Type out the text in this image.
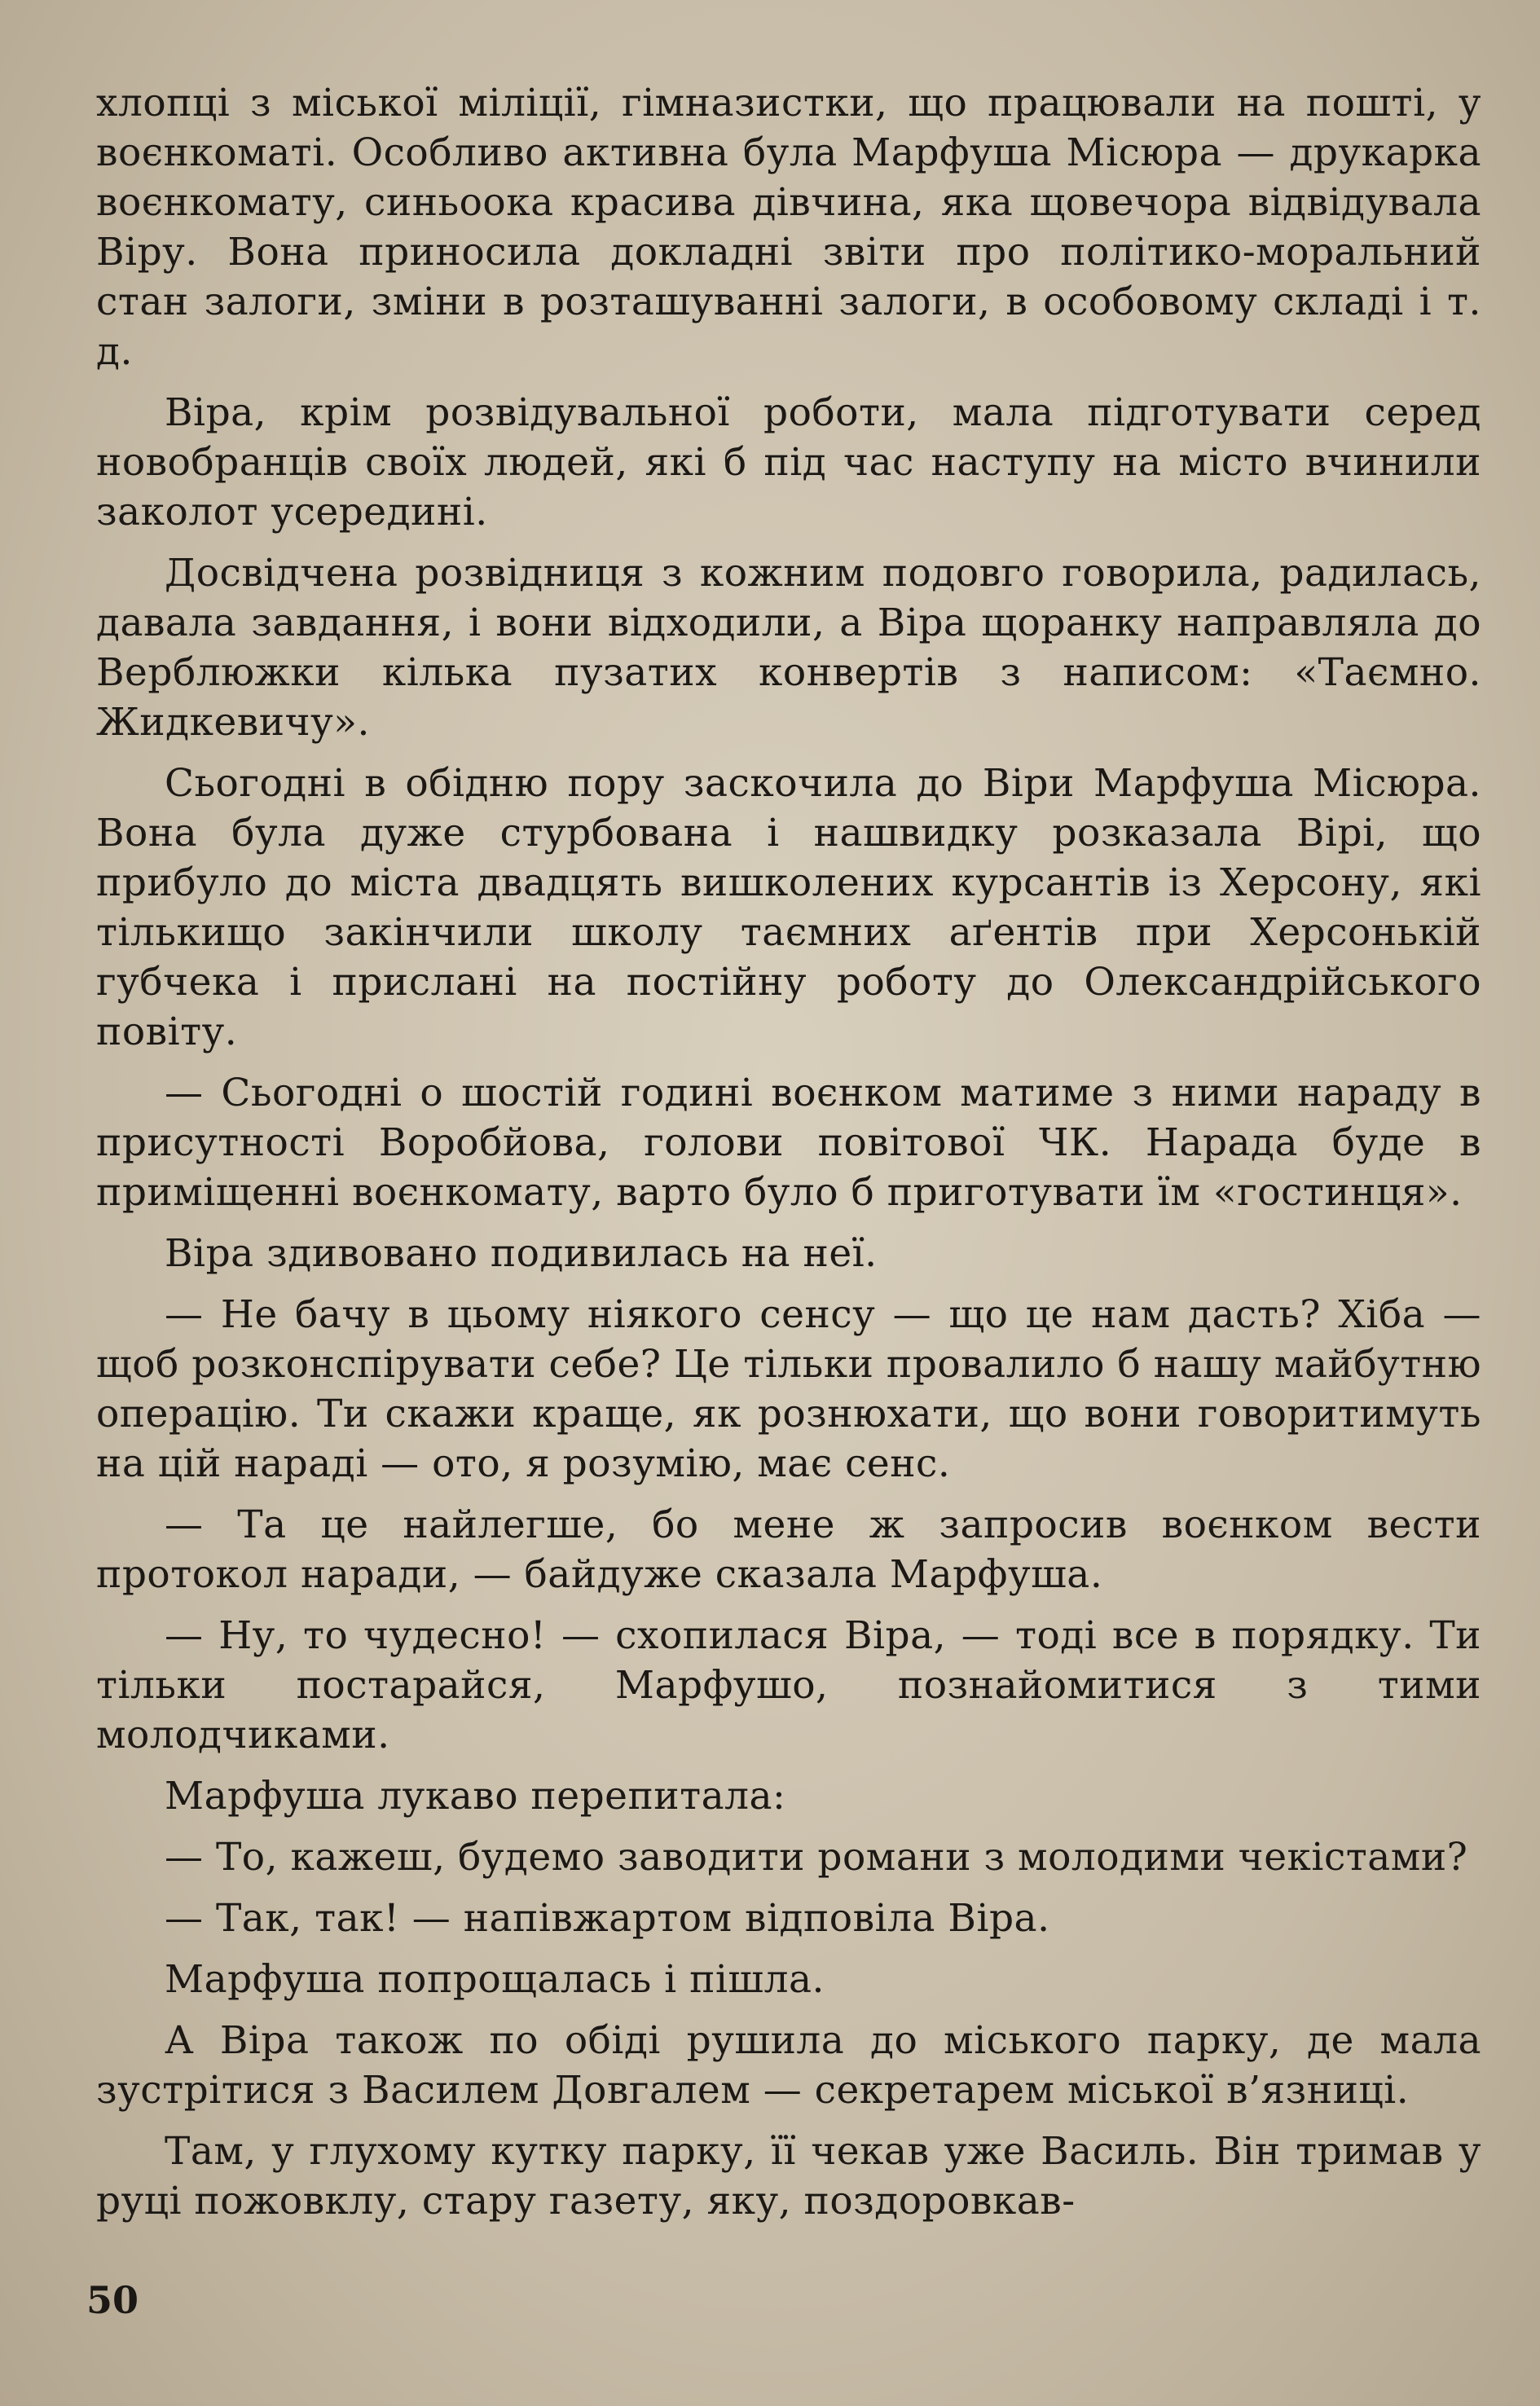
хлопці з міської міліції, гімназистки, що працювали на пошті, у воєнкоматі. Особливо активна була Марфуша Місюра — друкарка воєнкомату, синьоока красива дівчина, яка щовечора відвідувала Віру. Вона приносила докладні звіти про політико-моральний стан залоги, зміни в розташуванні залоги, в особовому складі і т. д.

Віра, крім розвідувальної роботи, мала підготувати серед новобранців своїх людей, які б під час наступу на місто вчинили заколот усередині.

Досвідчена розвідниця з кожним подовго говорила, радилась, давала завдання, і вони відходили, а Віра щоранку направляла до Верблюжки кілька пузатих конвертів з написом: «Таємно. Жидкевичу».

Сьогодні в обідню пору заскочила до Віри Марфуша Місюра. Вона була дуже стурбована і нашвидку розказала Вірі, що прибуло до міста двадцять вишколених курсантів із Херсону, які тількищо закінчили школу таємних аґентів при Херсонькій губчека і прислані на постійну роботу до Олександрійського повіту.

— Сьогодні о шостій годині воєнком матиме з ними нараду в присутності Воробйова, голови повітової ЧК. Нарада буде в приміщенні воєнкомату, варто було б приготувати їм «гостинця».

Віра здивовано подивилась на неї.

— Не бачу в цьому ніякого сенсу — що це нам дасть? Хіба — щоб розконспірувати себе? Це тільки провалило б нашу майбутню операцію. Ти скажи краще, як рознюхати, що вони говоритимуть на цій нараді — ото, я розумію, має сенс.

— Та це найлегше, бо мене ж запросив воєнком вести протокол наради, — байдуже сказала Марфуша.

— Ну, то чудесно! — схопилася Віра, — тоді все в порядку. Ти тільки постарайся, Марфушо, познайомитися з тими молодчиками.

Марфуша лукаво перепитала:

— То, кажеш, будемо заводити романи з молодими чекістами?

— Так, так! — напівжартом відповіла Віра.

Марфуша попрощалась і пішла.

А Віра також по обіді рушила до міського парку, де мала зустрітися з Василем Довгалем — секретарем міської в’язниці.

Там, у глухому кутку парку, її чекав уже Василь. Він тримав у руці пожовклу, стару газету, яку, поздоровкав-

50
